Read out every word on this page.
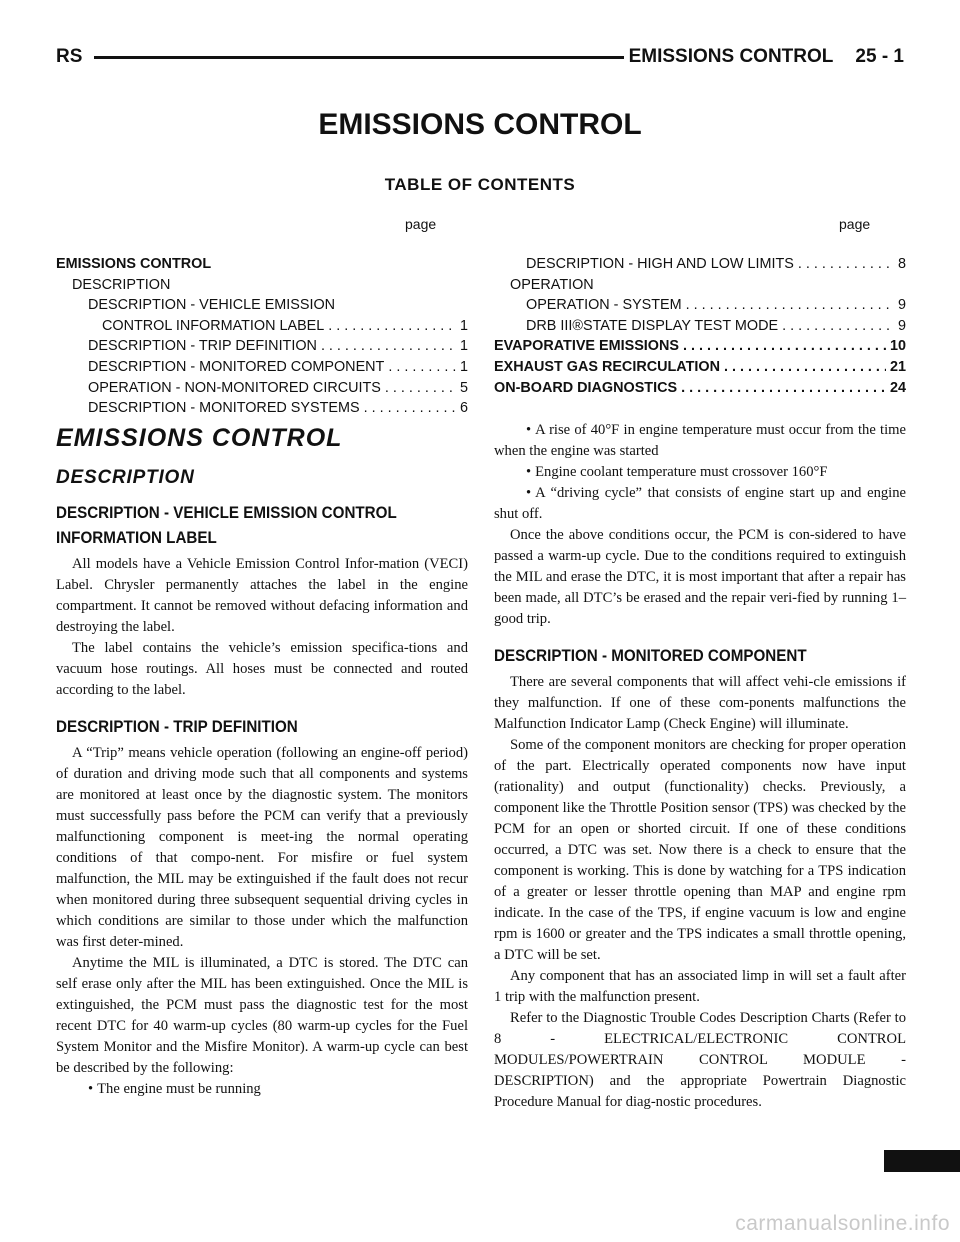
RS	EMISSIONS CONTROL 25 - 1
EMISSIONS CONTROL
TABLE OF CONTENTS
page	page
EMISSIONS CONTROL
DESCRIPTION
DESCRIPTION - VEHICLE EMISSION
CONTROL INFORMATION LABEL . . .	1
DESCRIPTION - TRIP DEFINITION . . .	1
DESCRIPTION - MONITORED COMPONENT . . .	1
OPERATION - NON-MONITORED CIRCUITS . . .	5
DESCRIPTION - MONITORED SYSTEMS . . .	6
DESCRIPTION - HIGH AND LOW LIMITS . . .	8
OPERATION
OPERATION - SYSTEM . . .	9
DRB III®STATE DISPLAY TEST MODE . . .	9
EVAPORATIVE EMISSIONS . . .	10
EXHAUST GAS RECIRCULATION . . .	21
ON-BOARD DIAGNOSTICS . . .	24
EMISSIONS CONTROL
DESCRIPTION
DESCRIPTION - VEHICLE EMISSION CONTROL INFORMATION LABEL

All models have a Vehicle Emission Control Infor-mation (VECI) Label. Chrysler permanently attaches the label in the engine compartment. It cannot be removed without defacing information and destroying the label.

The label contains the vehicle’s emission specifica-tions and vacuum hose routings. All hoses must be connected and routed according to the label.

DESCRIPTION - TRIP DEFINITION

A “Trip” means vehicle operation (following an engine-off period) of duration and driving mode such that all components and systems are monitored at least once by the diagnostic system. The monitors must successfully pass before the PCM can verify that a previously malfunctioning component is meet-ing the normal operating conditions of that compo-nent. For misfire or fuel system malfunction, the MIL may be extinguished if the fault does not recur when monitored during three subsequent sequential driving cycles in which conditions are similar to those under which the malfunction was first deter-mined.

Anytime the MIL is illuminated, a DTC is stored. The DTC can self erase only after the MIL has been extinguished. Once the MIL is extinguished, the PCM must pass the diagnostic test for the most recent DTC for 40 warm-up cycles (80 warm-up cycles for the Fuel System Monitor and the Misfire Monitor). A warm-up cycle can best be described by the following:

• The engine must be running

• A rise of 40°F in engine temperature must occur from the time when the engine was started

• Engine coolant temperature must crossover 160°F

• A “driving cycle” that consists of engine start up and engine shut off.

Once the above conditions occur, the PCM is con-sidered to have passed a warm-up cycle. Due to the conditions required to extinguish the MIL and erase the DTC, it is most important that after a repair has been made, all DTC’s be erased and the repair veri-fied by running 1–good trip.

DESCRIPTION - MONITORED COMPONENT

There are several components that will affect vehi-cle emissions if they malfunction. If one of these com-ponents malfunctions the Malfunction Indicator Lamp (Check Engine) will illuminate.

Some of the component monitors are checking for proper operation of the part. Electrically operated components now have input (rationality) and output (functionality) checks. Previously, a component like the Throttle Position sensor (TPS) was checked by the PCM for an open or shorted circuit. If one of these conditions occurred, a DTC was set. Now there is a check to ensure that the component is working. This is done by watching for a TPS indication of a greater or lesser throttle opening than MAP and engine rpm indicate. In the case of the TPS, if engine vacuum is low and engine rpm is 1600 or greater and the TPS indicates a small throttle opening, a DTC will be set.

Any component that has an associated limp in will set a fault after 1 trip with the malfunction present.

Refer to the Diagnostic Trouble Codes Description Charts (Refer to 8 - ELECTRICAL/ELECTRONIC CONTROL MODULES/POWERTRAIN CONTROL MODULE - DESCRIPTION) and the appropriate Powertrain Diagnostic Procedure Manual for diag-nostic procedures.

carmanualsonline.info
